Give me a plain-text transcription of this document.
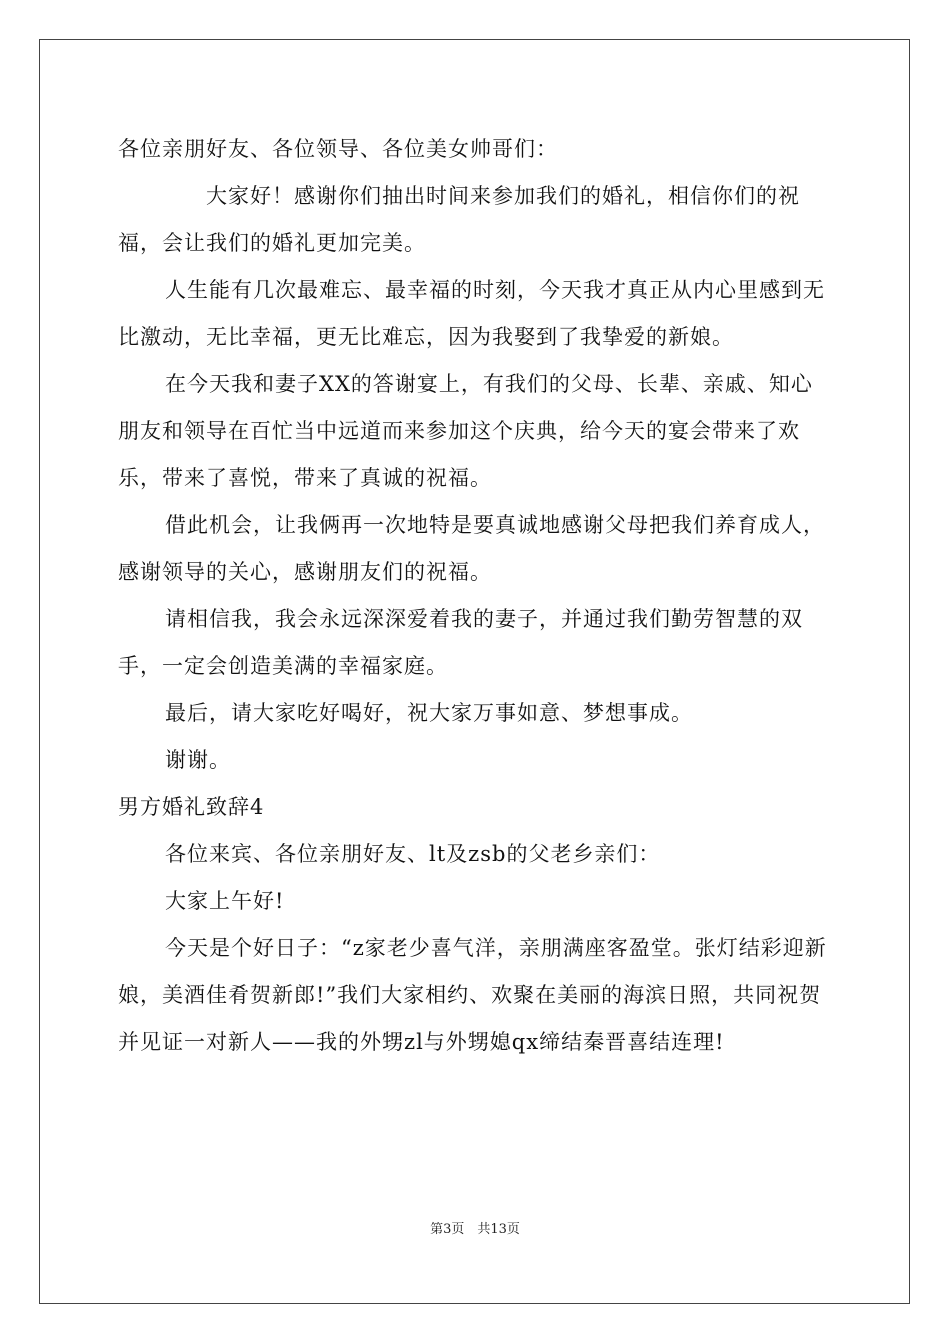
各位亲朋好友、各位领导、各位美女帅哥们：

大家好！感谢你们抽出时间来参加我们的婚礼，相信你们的祝福，会让我们的婚礼更加完美。

人生能有几次最难忘、最幸福的时刻，今天我才真正从内心里感到无比激动，无比幸福，更无比难忘，因为我娶到了我挚爱的新娘。

在今天我和妻子XX的答谢宴上，有我们的父母、长辈、亲戚、知心朋友和领导在百忙当中远道而来参加这个庆典，给今天的宴会带来了欢乐，带来了喜悦，带来了真诚的祝福。

借此机会，让我俩再一次地特是要真诚地感谢父母把我们养育成人，感谢领导的关心，感谢朋友们的祝福。

请相信我，我会永远深深爱着我的妻子，并通过我们勤劳智慧的双手，一定会创造美满的幸福家庭。

最后，请大家吃好喝好，祝大家万事如意、梦想事成。

谢谢。

男方婚礼致辞4

各位来宾、各位亲朋好友、lt及zsb的父老乡亲们：

大家上午好!

今天是个好日子：“z家老少喜气洋，亲朋满座客盈堂。张灯结彩迎新娘，美酒佳肴贺新郎!”我们大家相约、欢聚在美丽的海滨日照，共同祝贺并见证一对新人——我的外甥zl与外甥媳qx缔结秦晋喜结连理!

第3页　共13页
